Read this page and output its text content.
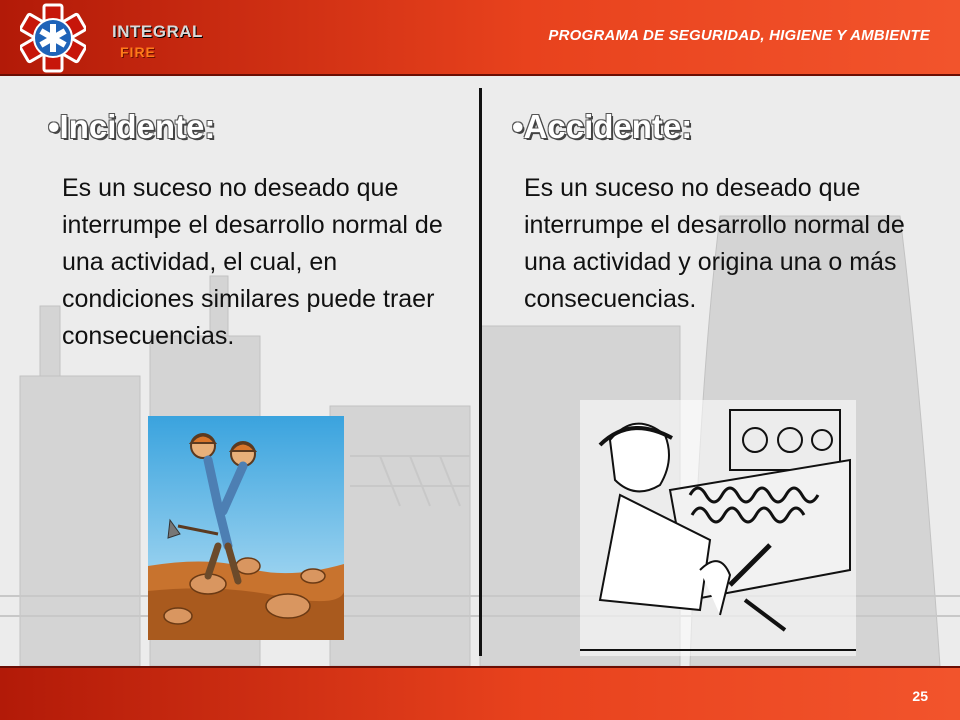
PROGRAMA DE SEGURIDAD, HIGIENE Y AMBIENTE
INTEGRAL
FIRE
•Incidente:
Es un suceso no deseado que interrumpe el desarrollo normal de una actividad, el cual, en condiciones similares puede traer consecuencias.
•Accidente:
Es un suceso no deseado que interrumpe el desarrollo normal de una actividad y origina una o más consecuencias.
25
